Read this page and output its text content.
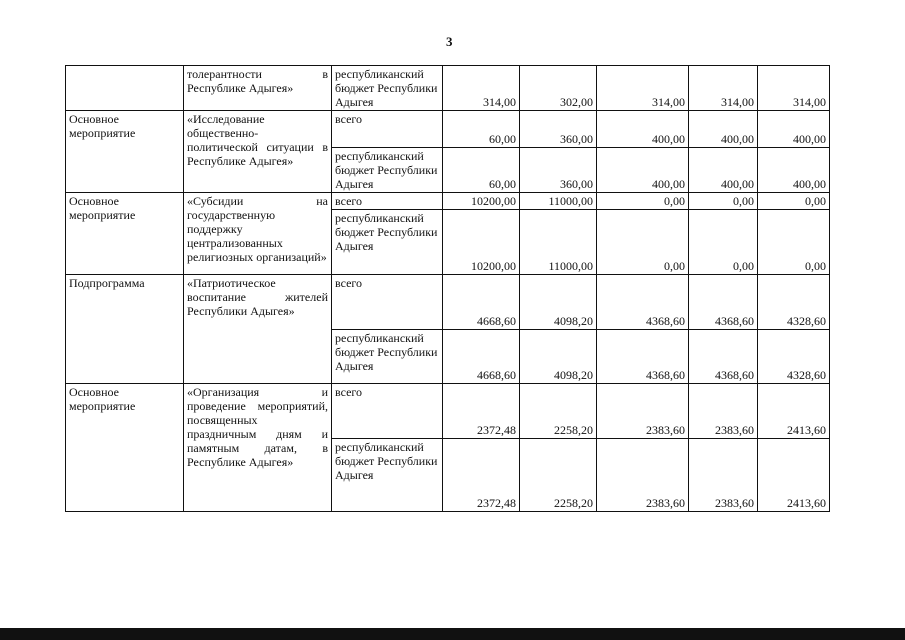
3
	толерантности в Республике Адыгея»	республиканский бюджет Республики Адыгея	314,00	302,00	314,00	314,00	314,00
Основное мероприятие	«Исследование общественно-политической ситуации в Республике Адыгея»	всего	60,00	360,00	400,00	400,00	400,00
		республиканский бюджет Республики Адыгея	60,00	360,00	400,00	400,00	400,00
Основное мероприятие	«Субсидии на государственную поддержку централизованных религиозных организаций»	всего	10200,00	11000,00	0,00	0,00	0,00
		республиканский бюджет Республики Адыгея	10200,00	11000,00	0,00	0,00	0,00
Подпрограмма	«Патриотическое воспитание жителей Республики Адыгея»	всего	4668,60	4098,20	4368,60	4368,60	4328,60
		республиканский бюджет Республики Адыгея	4668,60	4098,20	4368,60	4368,60	4328,60
Основное мероприятие	«Организация и проведение мероприятий, посвященных праздничным дням и памятным датам, в Республике Адыгея»	всего	2372,48	2258,20	2383,60	2383,60	2413,60
		республиканский бюджет Республики Адыгея	2372,48	2258,20	2383,60	2383,60	2413,60
